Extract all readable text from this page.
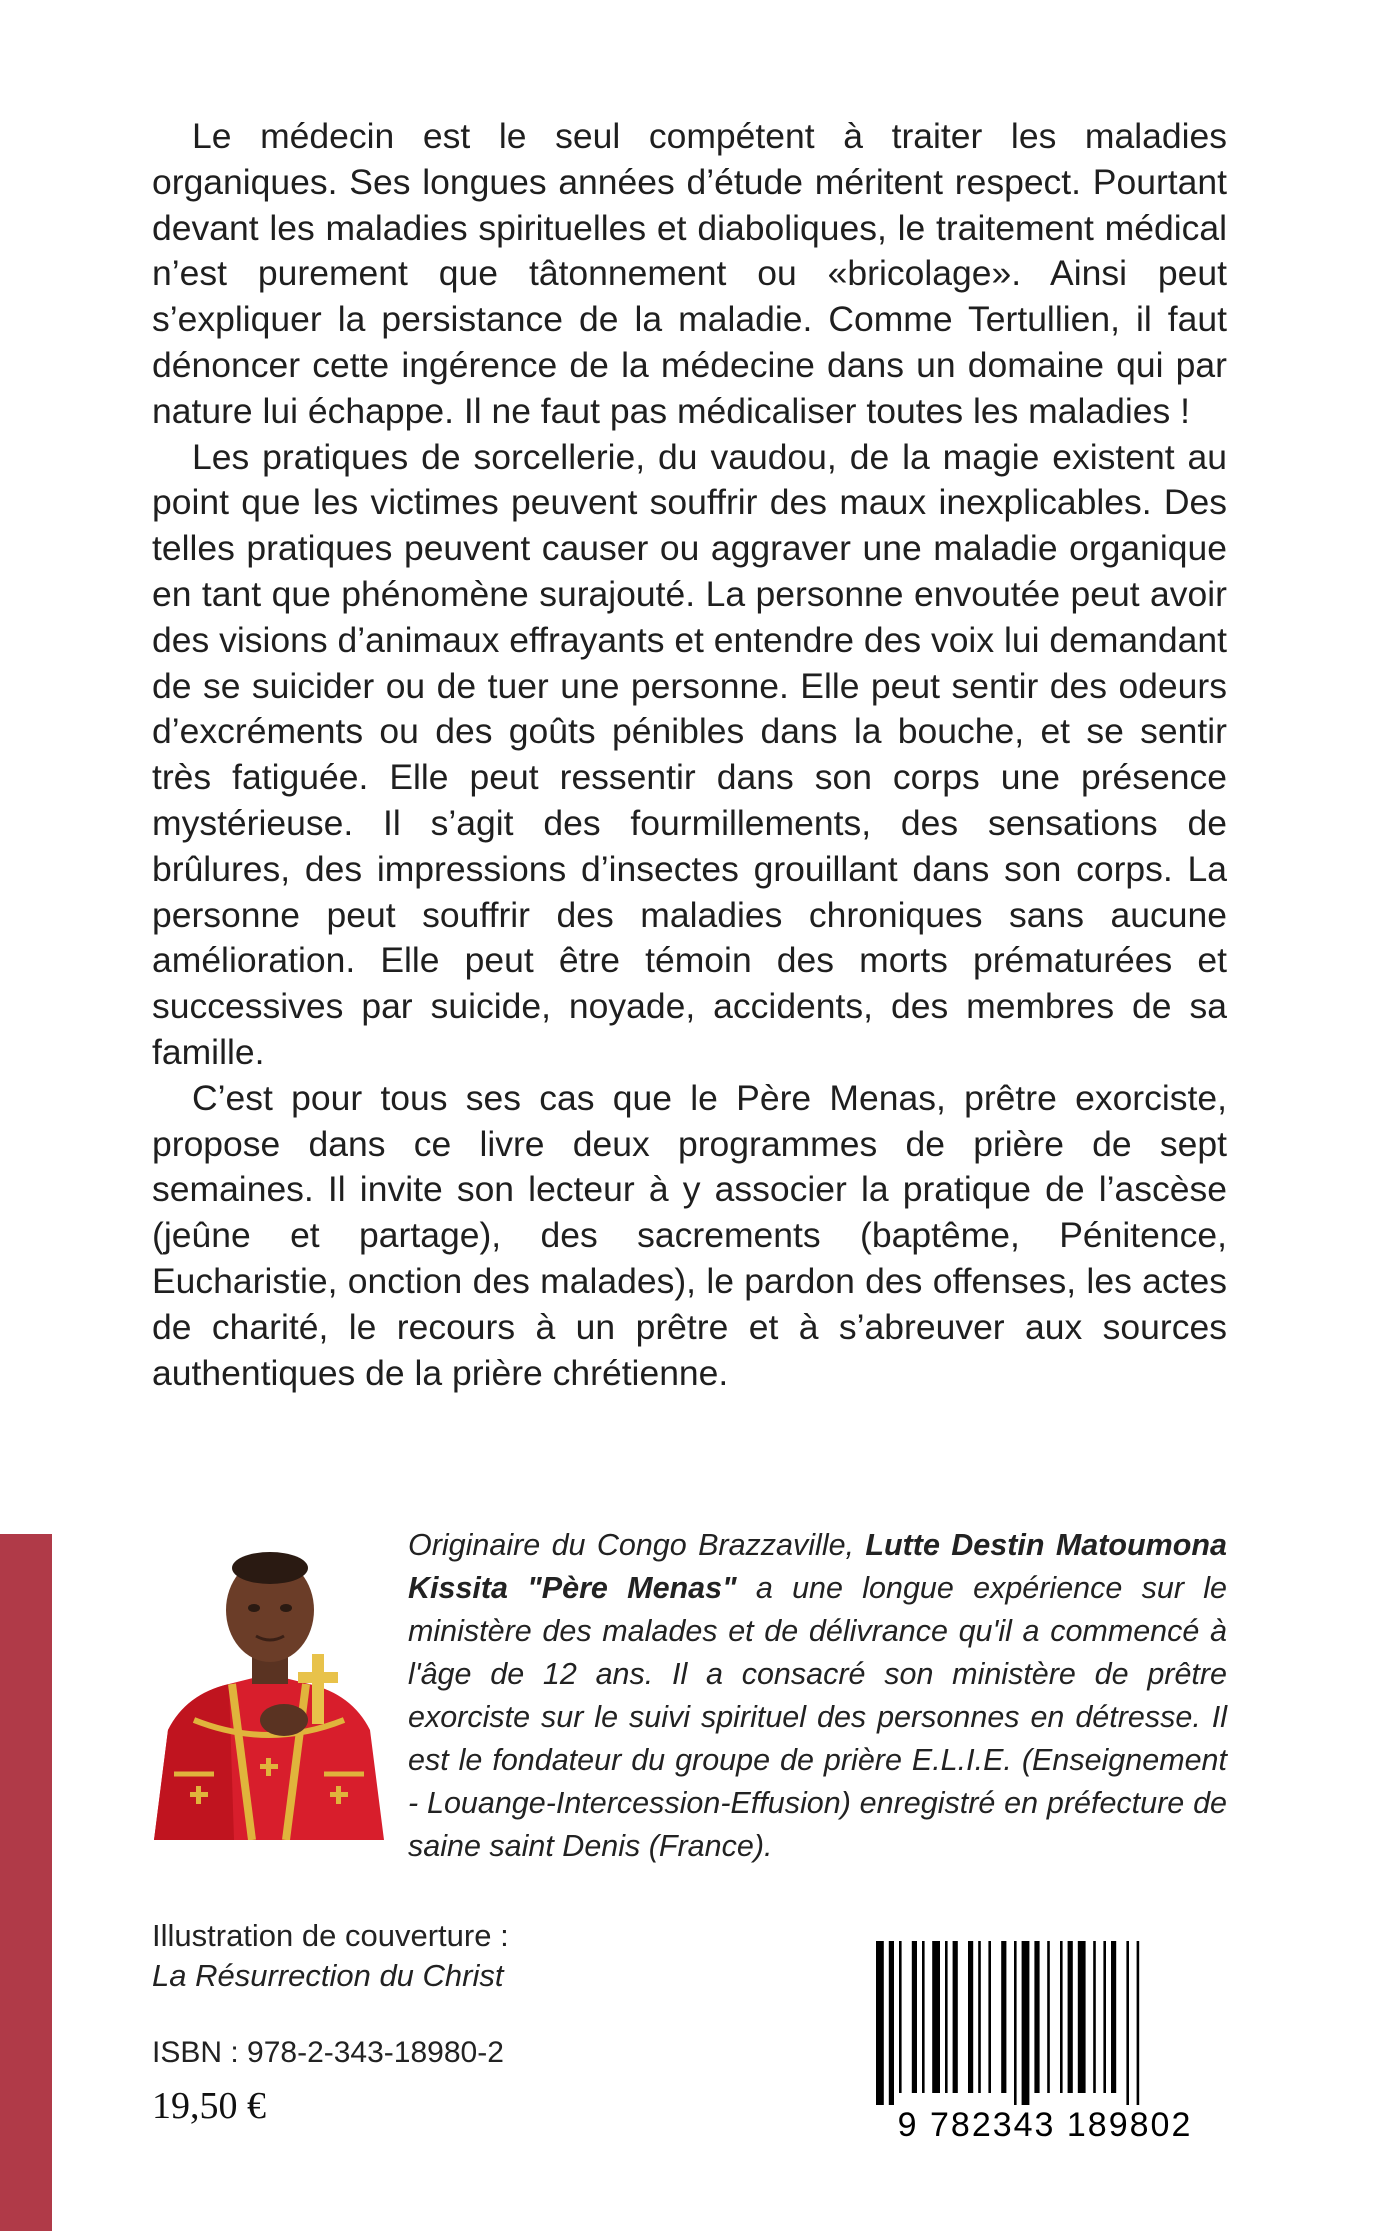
Le médecin est le seul compétent à traiter les maladies organiques. Ses longues années d’étude méritent respect. Pourtant devant les maladies spirituelles et diaboliques, le traitement médical n’est purement que tâtonnement ou «bricolage». Ainsi peut s’expliquer la persistance de la maladie. Comme Tertullien, il faut dénoncer cette ingérence de la médecine dans un domaine qui par nature lui échappe. Il ne faut pas médicaliser toutes les maladies !

Les pratiques de sorcellerie, du vaudou, de la magie existent au point que les victimes peuvent souffrir des maux inexplicables. Des telles pratiques peuvent causer ou aggraver une maladie organique en tant que phénomène surajouté. La personne envoutée peut avoir des visions d’animaux effrayants et entendre des voix lui demandant de se suicider ou de tuer une personne. Elle peut sentir des odeurs d’excréments ou des goûts pénibles dans la bouche, et se sentir très fatiguée. Elle peut ressentir dans son corps une présence mystérieuse. Il s’agit des fourmillements, des sensations de brûlures, des impressions d’insectes grouillant dans son corps. La personne peut souffrir des maladies chroniques sans aucune amélioration. Elle peut être témoin des morts prématurées et successives par suicide, noyade, accidents, des membres de sa famille.

C’est pour tous ses cas que le Père Menas, prêtre exorciste, propose dans ce livre deux programmes de prière de sept semaines. Il invite son lecteur à y associer la pratique de l’ascèse (jeûne et partage), des sacrements (baptême, Pénitence, Eucharistie, onction des malades), le pardon des offenses, les actes de charité, le recours à un prêtre et à s’abreuver aux sources authentiques de la prière chrétienne.

Originaire du Congo Brazzaville, Lutte Destin Matoumona Kissita "Père Menas" a une longue expérience sur le ministère des malades et de délivrance qu'il a commencé à l'âge de 12 ans. Il a consacré son ministère de prêtre exorciste sur le suivi spirituel des personnes en détresse. Il est le fondateur du groupe de prière E.L.I.E. (Enseignement - Louange-Intercession-Effusion) enregistré en préfecture de saine saint Denis (France).
Illustration de couverture :
La Résurrection du Christ
ISBN : 978-2-343-18980-2
19,50 €	9 782343 189802
